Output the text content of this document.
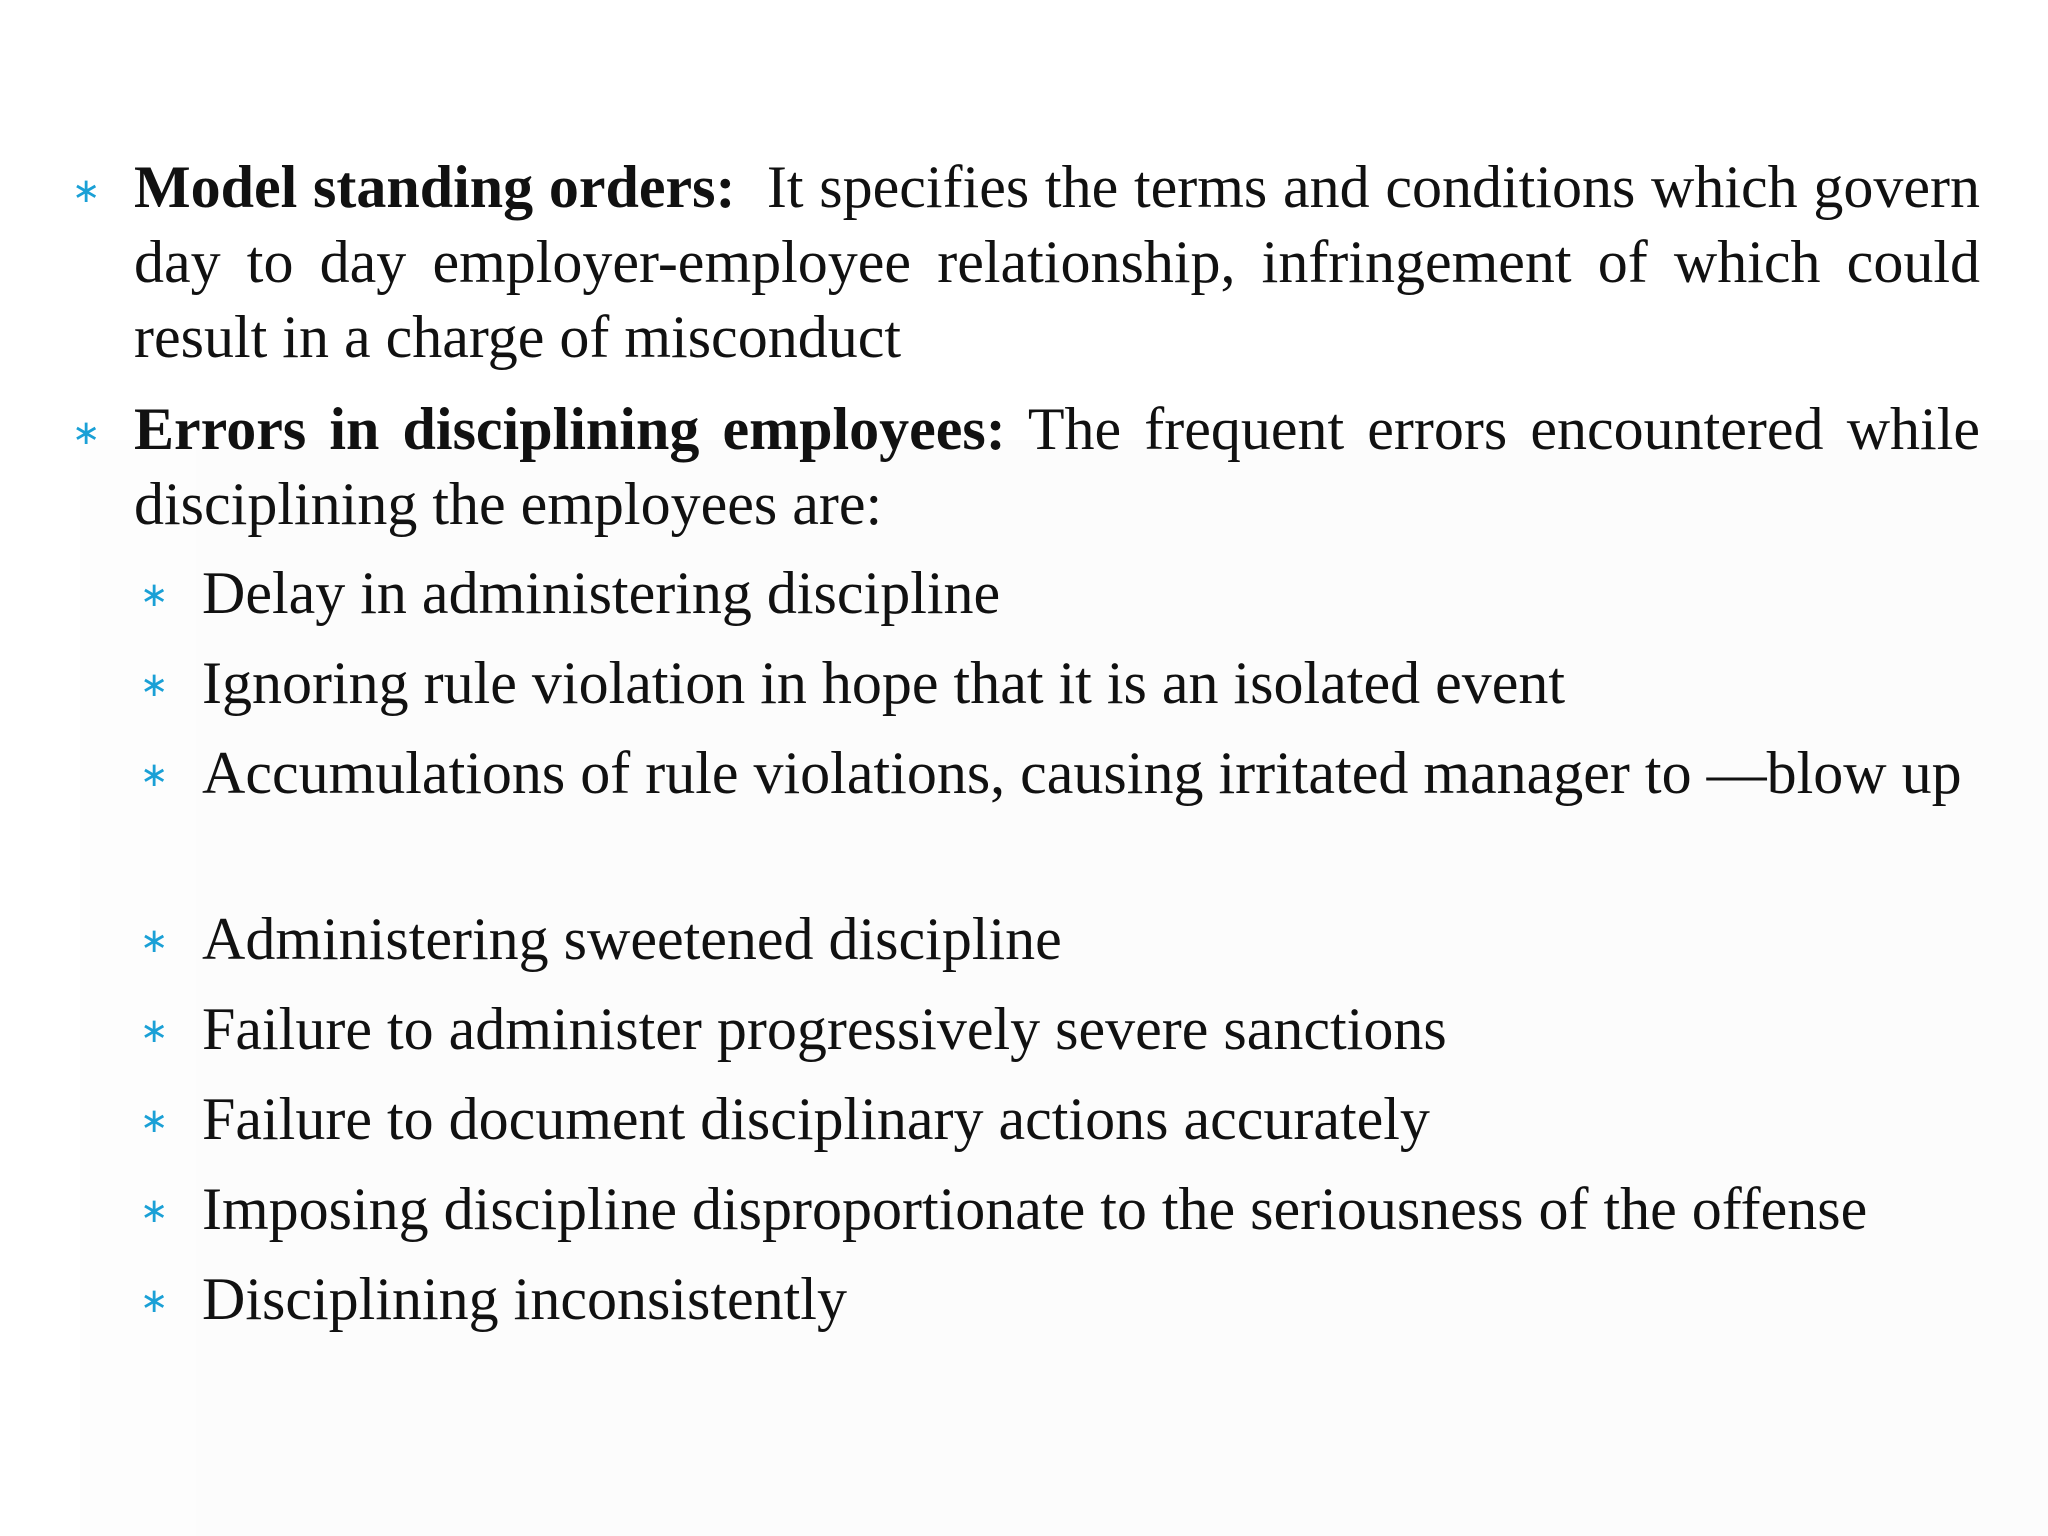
∗ Model standing orders: It specifies the terms and conditions which govern day to day employer-employee relationship, infringement of which could result in a charge of misconduct

∗ Errors in disciplining employees: The frequent errors encountered while disciplining the employees are:

∗ Delay in administering discipline

∗ Ignoring rule violation in hope that it is an isolated event

∗ Accumulations of rule violations, causing irritated manager to —blow up

∗ Administering sweetened discipline

∗ Failure to administer progressively severe sanctions

∗ Failure to document disciplinary actions accurately

∗ Imposing discipline disproportionate to the seriousness of the offense

∗ Disciplining inconsistently
